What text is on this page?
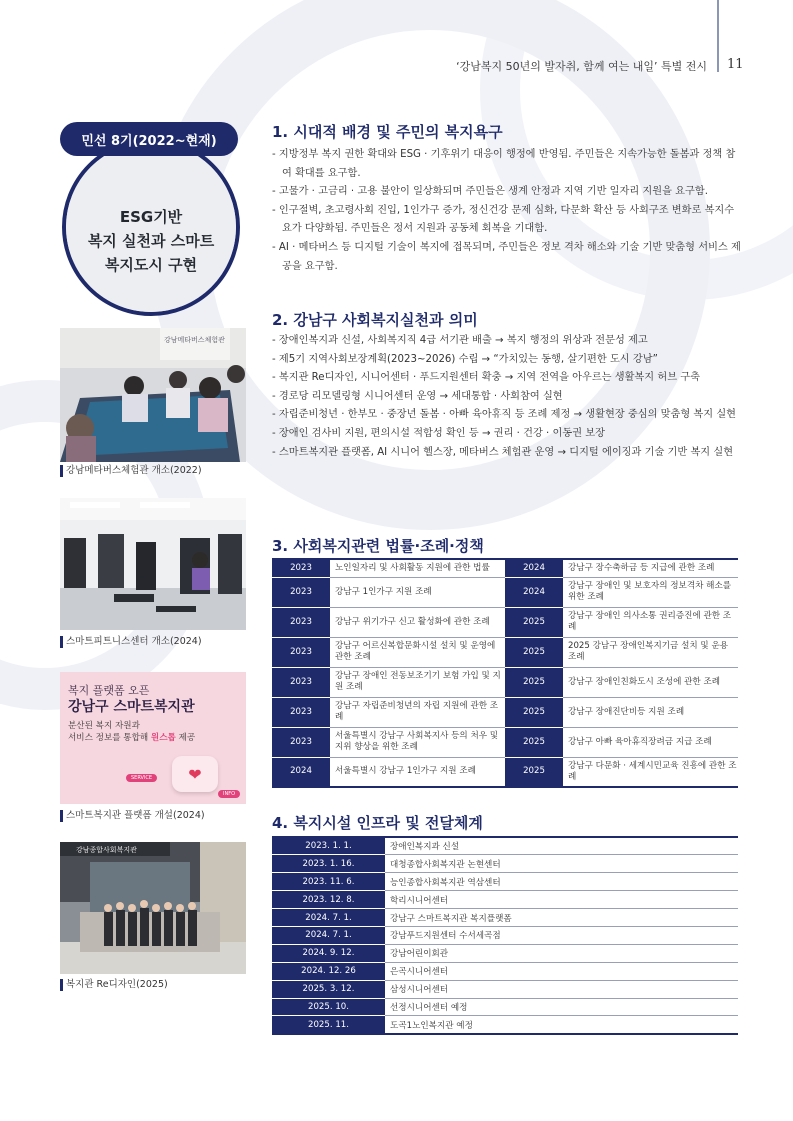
‘강남복지 50년의 발자취, 함께 여는 내일’ 특별 전시 11
ESG기반
복지 실천과 스마트
복지도시 구현
민선 8기(2022~현재)
강남메타버스체험관
강남메타버스체험관 개소(2022)
스마트피트니스센터 개소(2024)
복지 플랫폼 오픈
강남구 스마트복지관
분산된 복지 자원과
서비스 정보를 통합해 원스톱 제공
❤
SERVICE
INFO
스마트복지관 플랫폼 개설(2024)
강남종합사회복지관
복지관 Re디자인(2025)
1. 시대적 배경 및 주민의 복지욕구
- 지방정부 복지 권한 확대와 ESG · 기후위기 대응이 행정에 반영됨. 주민들은 지속가능한 돌봄과 정책 참여 확대를 요구함.
- 고물가 · 고금리 · 고용 불안이 일상화되며 주민들은 생계 안정과 지역 기반 일자리 지원을 요구함.
- 인구절벽, 초고령사회 진입, 1인가구 증가, 정신건강 문제 심화, 다문화 확산 등 사회구조 변화로 복지수요가 다양화됨. 주민들은 정서 지원과 공동체 회복을 기대함.
- AI · 메타버스 등 디지털 기술이 복지에 접목되며, 주민들은 정보 격차 해소와 기술 기반 맞춤형 서비스 제공을 요구함.
2. 강남구 사회복지실천과 의미
- 장애인복지과 신설, 사회복지직 4급 서기관 배출 → 복지 행정의 위상과 전문성 제고
- 제5기 지역사회보장계획(2023~2026) 수립 → “가치있는 동행, 살기편한 도시 강남”
- 복지관 Re디자인, 시니어센터 · 푸드지원센터 확충 → 지역 전역을 아우르는 생활복지 허브 구축
- 경로당 리모델링형 시니어센터 운영 → 세대통합 · 사회참여 실현
- 자립준비청년 · 한부모 · 중장년 돌봄 · 아빠 육아휴직 등 조례 제정 → 생활현장 중심의 맞춤형 복지 실현
- 장애인 검사비 지원, 편의시설 적합성 확인 등 → 권리 · 건강 · 이동권 보장
- 스마트복지관 플랫폼, AI 시니어 헬스장, 메타버스 체험관 운영 → 디지털 에이징과 기술 기반 복지 실현
3. 사회복지관련 법률·조례·정책
2023	노인일자리 및 사회활동 지원에 관한 법률	2024	강남구 장수축하금 등 지급에 관한 조례
2023	강남구 1인가구 지원 조례	2024	강남구 장애인 및 보호자의 정보격차 해소를 위한 조례
2023	강남구 위기가구 신고 활성화에 관한 조례	2025	강남구 장애인 의사소통 권리증진에 관한 조례
2023	강남구 어르신복합문화시설 설치 및 운영에 관한 조례	2025	2025 강남구 장애인복지기금 설치 및 운용 조례
2023	강남구 장애인 전동보조기기 보험 가입 및 지원 조례	2025	강남구 장애인친화도시 조성에 관한 조례
2023	강남구 자립준비청년의 자립 지원에 관한 조례	2025	강남구 장애진단비등 지원 조례
2023	서울특별시 강남구 사회복지사 등의 처우 및 지위 향상을 위한 조례	2025	강남구 아빠 육아휴직장려금 지급 조례
2024	서울특별시 강남구 1인가구 지원 조례	2025	강남구 다문화 · 세계시민교육 진흥에 관한 조례
4. 복지시설 인프라 및 전달체계
2023. 1. 1.	장애인복지과 신설
2023. 1. 16.	대청종합사회복지관 논현센터
2023. 11. 6.	능인종합사회복지관 역삼센터
2023. 12. 8.	학리시니어센터
2024. 7. 1.	강남구 스마트복지관 복지플랫폼
2024. 7. 1.	강남푸드지원센터 수서세곡점
2024. 9. 12.	강남어린이회관
2024. 12. 26	은곡시니어센터
2025. 3. 12.	삼성시니어센터
2025. 10.	선정시니어센터 예정
2025. 11.	도곡1노인복지관 예정
